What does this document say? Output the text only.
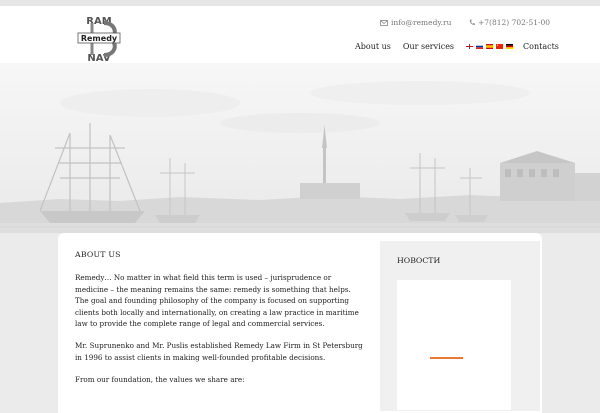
RAM
NAV
Remedy
info@remedy.ru	+7(812) 702-51-00
About us Our services	Contacts
ABOUT US

Remedy… No matter in what field this term is used – jurisprudence or medicine – the meaning remains the same: remedy is something that helps. The goal and founding philosophy of the company is focused on supporting clients both locally and internationally, on creating a law practice in maritime law to provide the complete range of legal and commercial services.

Mr. Suprunenko and Mr. Puslis established Remedy Law Firm in St Petersburg in 1996 to assist clients in making well-founded profitable decisions.

From our foundation, the values we share are:

НОВОСТИ
